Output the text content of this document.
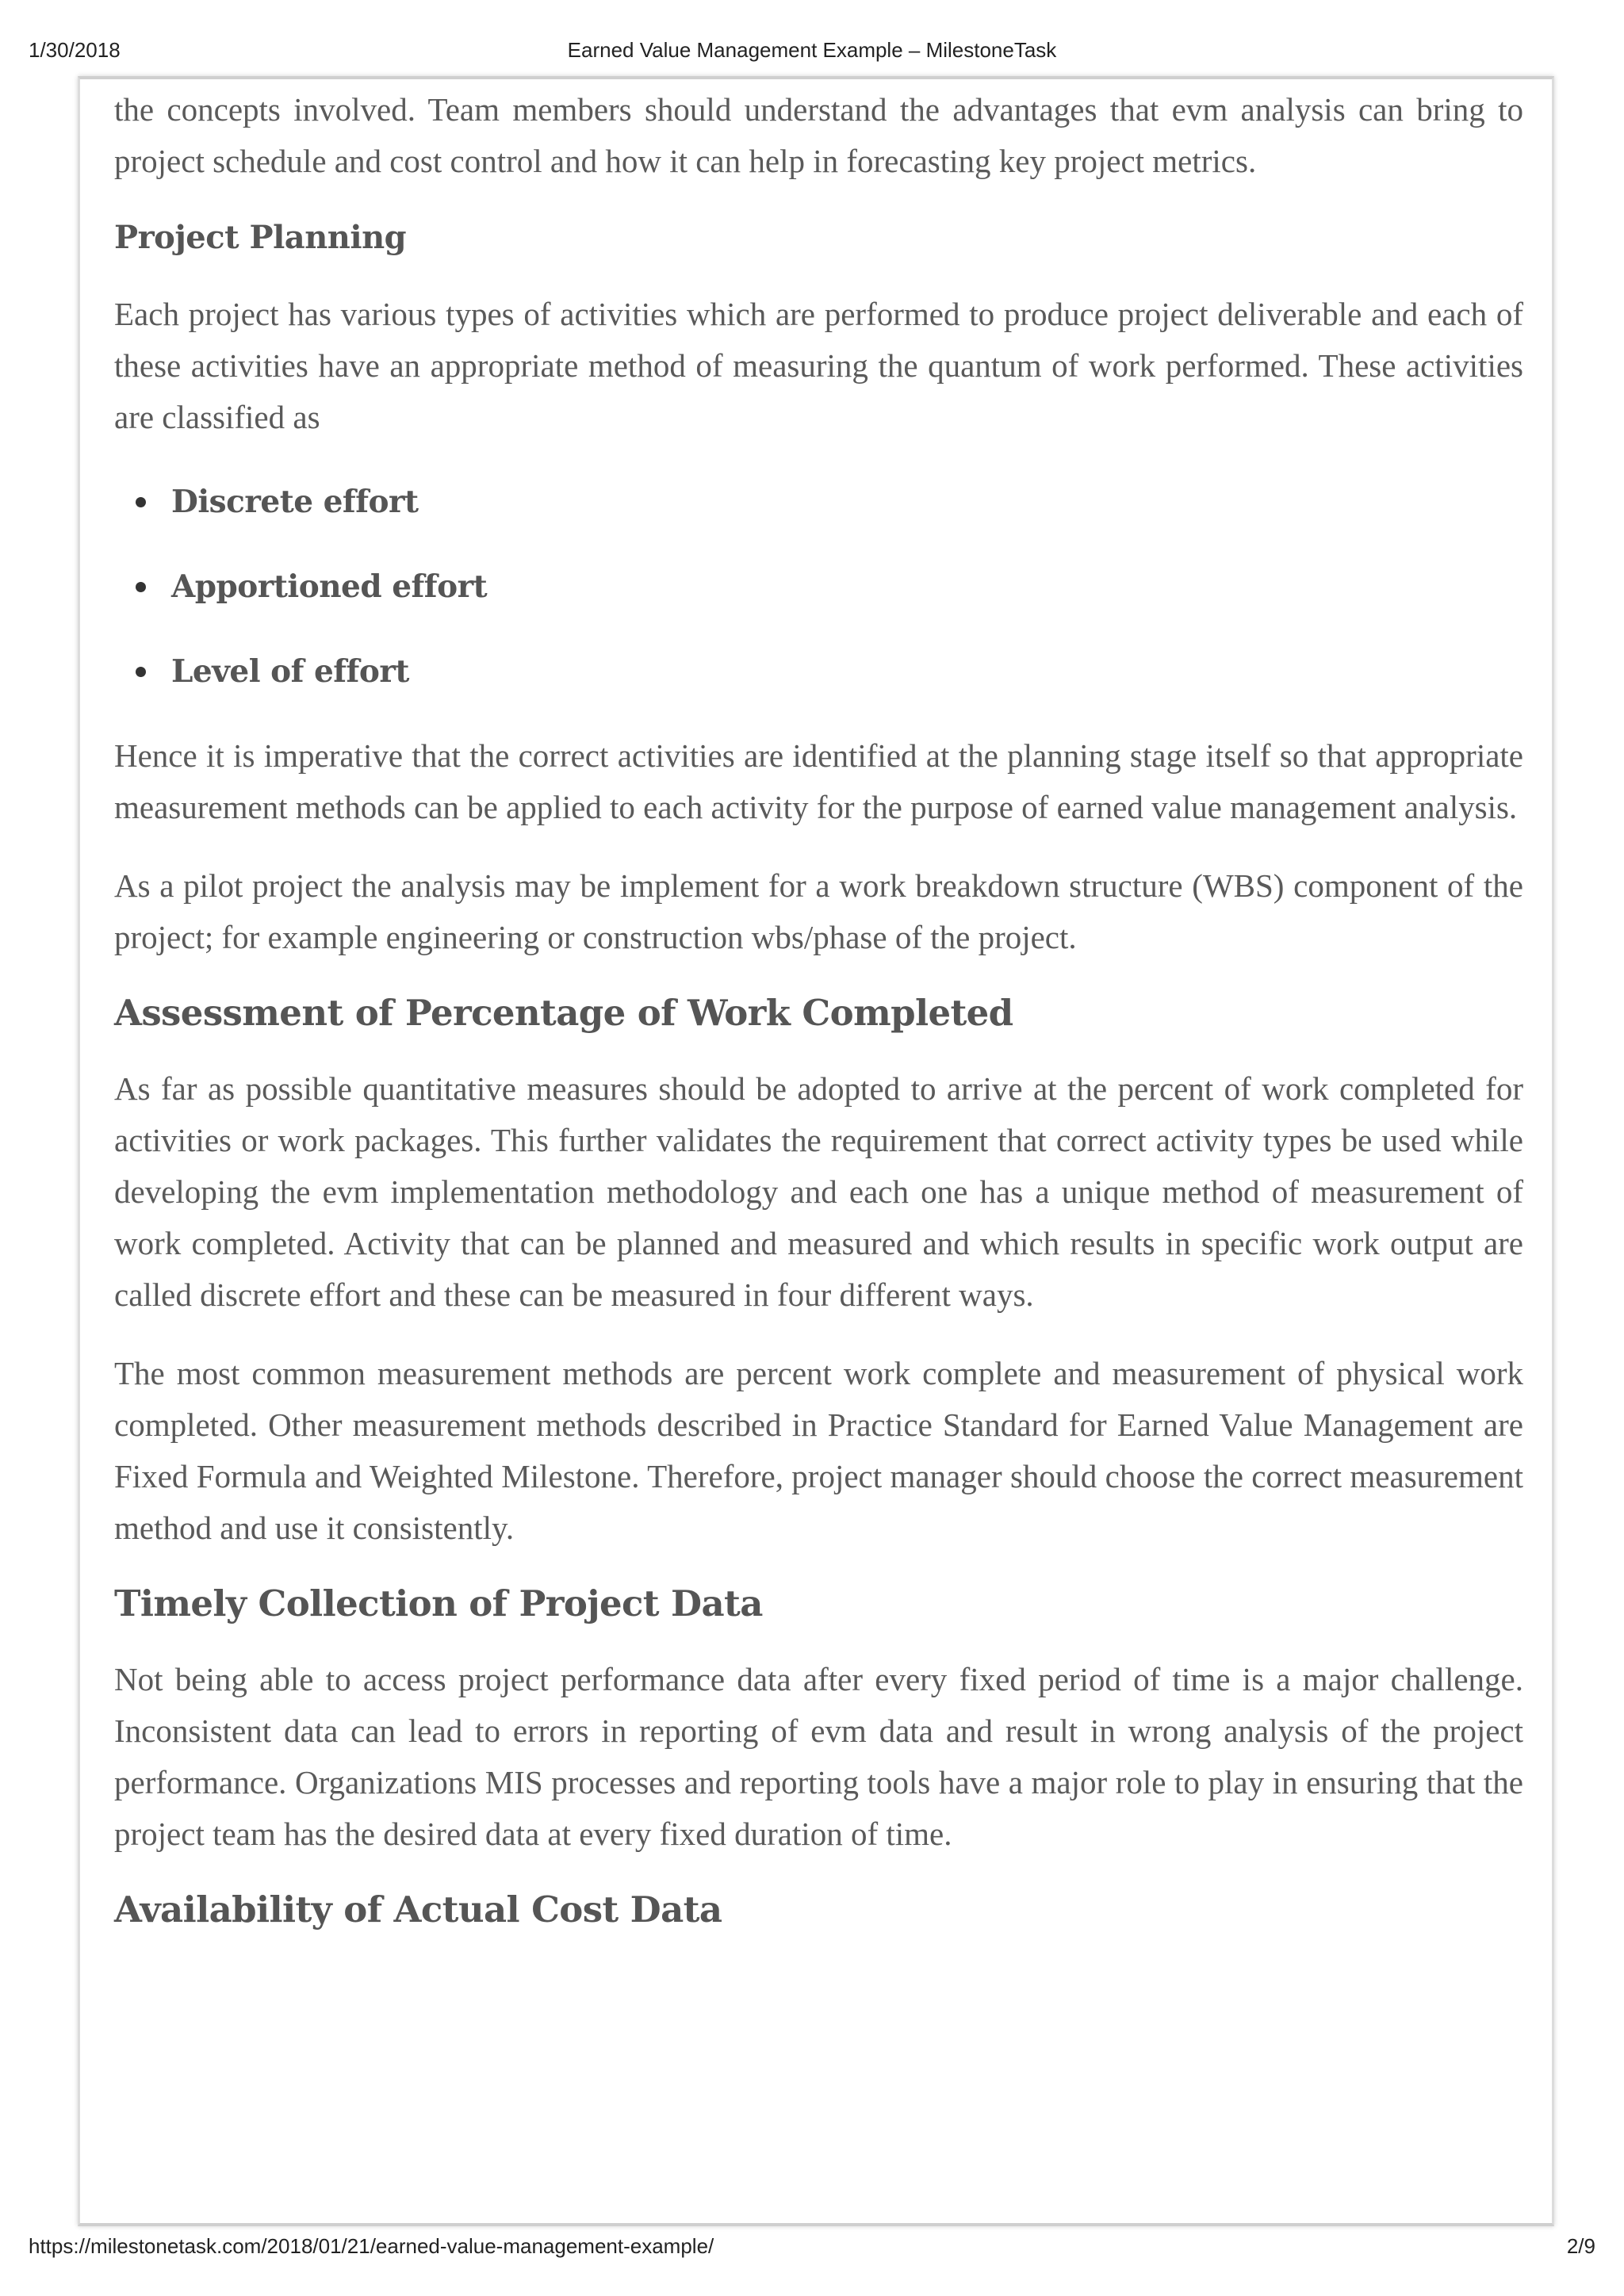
1/30/2018	Earned Value Management Example – MilestoneTask

the concepts involved. Team members should understand the advantages that evm analysis can bring to project schedule and cost control and how it can help in forecasting key project metrics.

Project Planning

Each project has various types of activities which are performed to produce project deliverable and each of these activities have an appropriate method of measuring the quantum of work performed. These activities are classified as

Discrete effort
Apportioned effort
Level of effort

Hence it is imperative that the correct activities are identified at the planning stage itself so that appropriate measurement methods can be applied to each activity for the purpose of earned value management analysis.

As a pilot project the analysis may be implement for a work breakdown structure (WBS) component of the project; for example engineering or construction wbs/phase of the project.

Assessment of Percentage of Work Completed

As far as possible quantitative measures should be adopted to arrive at the percent of work completed for activities or work packages. This further validates the requirement that correct activity types be used while developing the evm implementation methodology and each one has a unique method of measurement of work completed. Activity that can be planned and measured and which results in specific work output are called discrete effort and these can be measured in four different ways.

The most common measurement methods are percent work complete and measurement of physical work completed. Other measurement methods described in Practice Standard for Earned Value Management are Fixed Formula and Weighted Milestone. Therefore, project manager should choose the correct measurement method and use it consistently.

Timely Collection of Project Data

Not being able to access project performance data after every fixed period of time is a major challenge. Inconsistent data can lead to errors in reporting of evm data and result in wrong analysis of the project performance. Organizations MIS processes and reporting tools have a major role to play in ensuring that the project team has the desired data at every fixed duration of time.

Availability of Actual Cost Data
https://milestonetask.com/2018/01/21/earned-value-management-example/	2/9
